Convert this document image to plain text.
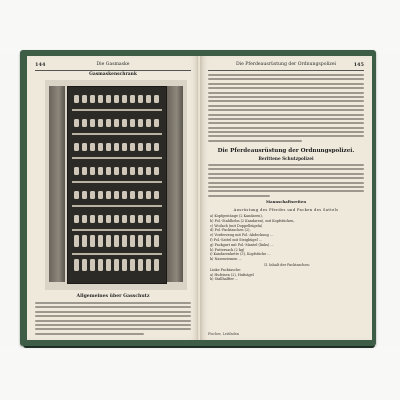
144	Die Gasmaske
Gasmaskenschrank
Allgemeines über Gasschutz
Die Pferdeausrüstung der Ordnungspolizei	145
Die Pferdeausrüstung der Ordnungspolizei.
Berittene Schutzpolizei
Mannschaftsreiten
Ausrüstung des Pferdes und Packen des Sattels
a) Kopfgestänge (2 Kandaren),
b) Pol.-Stahlhelm (2 Kandaren), mit Kopfstücken,
c) Woilach (mit Doppelbügeln)
d) Pol.-Packtaschen (2),
e) Vorderzeug mit Pol.-Abdeckung ...
f) Pol.-Sattel mit Steigbügel ...
g) Packgurt mit Pol.-Mantel (links) ...
h) Futtersack (2 kg)
i) Kandarenkette (3), Kopfstücke ...
k) Nasenriemen ...
II. Inhalt der Packtaschen:
Linke Packtasche:
a) Hufeisen (2), Hufnägel
b) Stallhalfter ...
Fischer, Leitfaden
